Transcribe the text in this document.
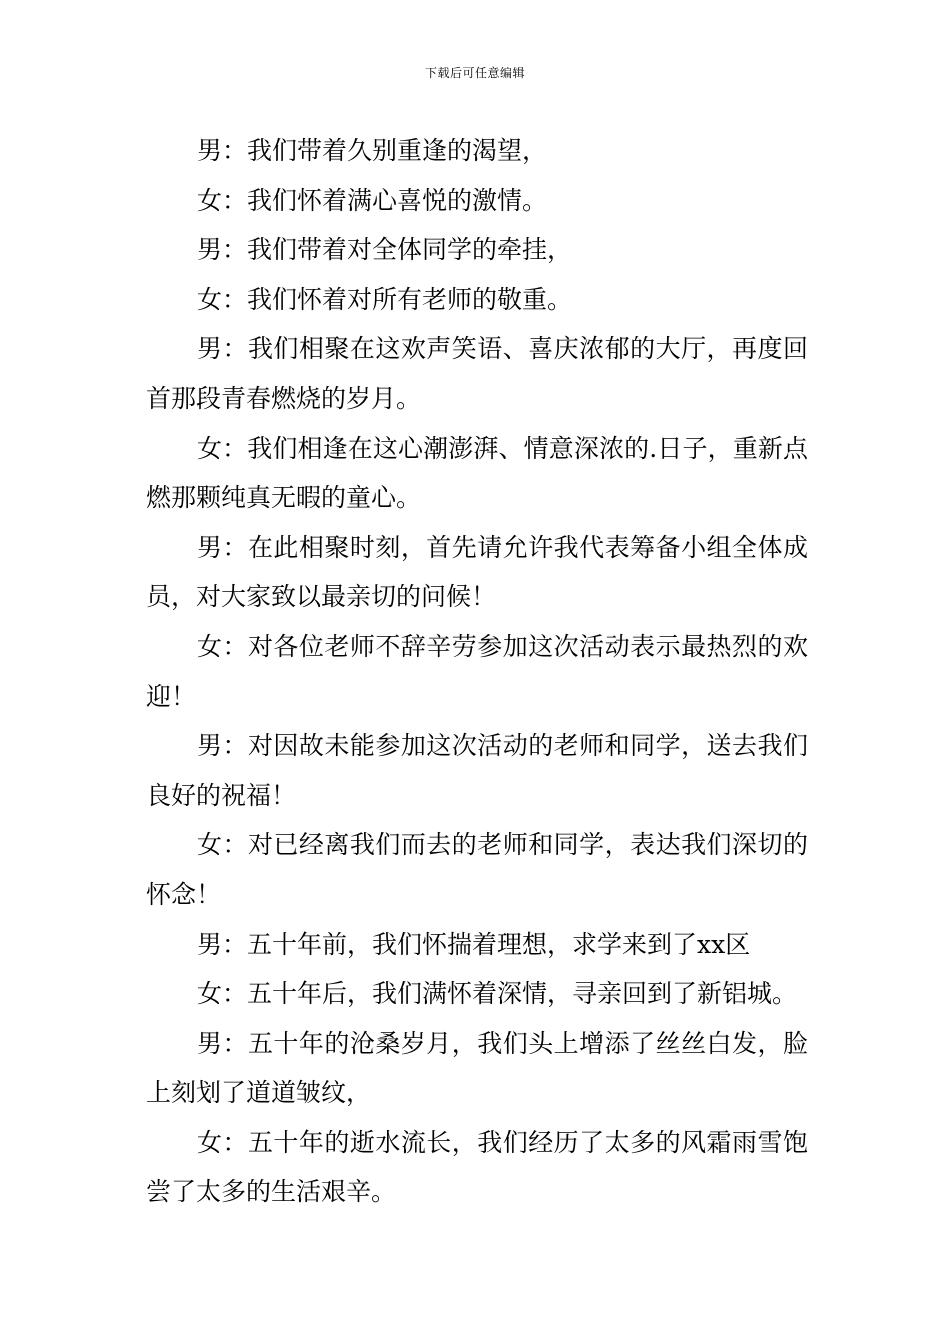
下载后可任意编辑

男：我们带着久别重逢的渴望，

女：我们怀着满心喜悦的激情。

男：我们带着对全体同学的牵挂，

女：我们怀着对所有老师的敬重。

男：我们相聚在这欢声笑语、喜庆浓郁的大厅，再度回首那段青春燃烧的岁月。

女：我们相逢在这心潮澎湃、情意深浓的.日子，重新点燃那颗纯真无暇的童心。

男：在此相聚时刻，首先请允许我代表筹备小组全体成员，对大家致以最亲切的问候！

女：对各位老师不辞辛劳参加这次活动表示最热烈的欢迎！

男：对因故未能参加这次活动的老师和同学，送去我们良好的祝福！

女：对已经离我们而去的老师和同学，表达我们深切的怀念！

男：五十年前，我们怀揣着理想，求学来到了xx区

女：五十年后，我们满怀着深情，寻亲回到了新铝城。

男：五十年的沧桑岁月，我们头上增添了丝丝白发，脸上刻划了道道皱纹，

女：五十年的逝水流长，我们经历了太多的风霜雨雪饱尝了太多的生活艰辛。
